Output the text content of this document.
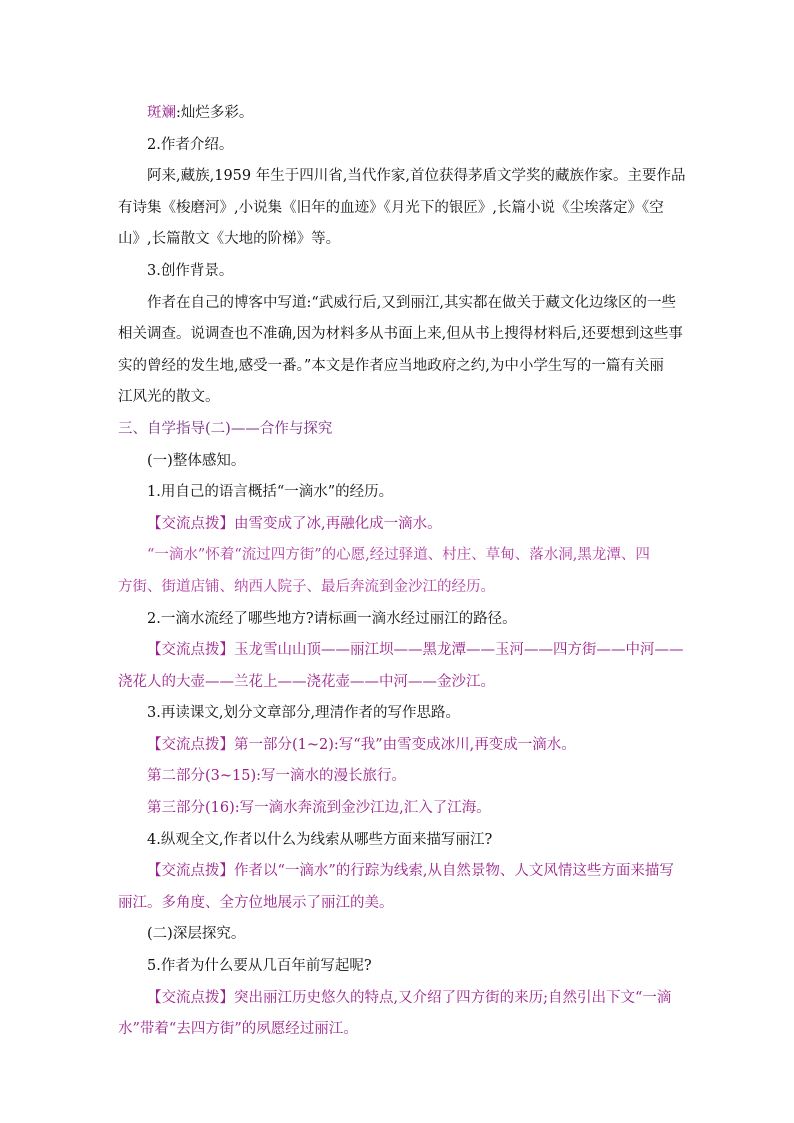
斑斓:灿烂多彩。

2.作者介绍。

阿来,藏族,1959 年生于四川省,当代作家,首位获得茅盾文学奖的藏族作家。主要作品

有诗集《梭磨河》,小说集《旧年的血迹》《月光下的银匠》,长篇小说《尘埃落定》《空

山》,长篇散文《大地的阶梯》等。

3.创作背景。

作者在自己的博客中写道:“武威行后,又到丽江,其实都在做关于藏文化边缘区的一些

相关调查。说调查也不准确,因为材料多从书面上来,但从书上搜得材料后,还要想到这些事

实的曾经的发生地,感受一番。”本文是作者应当地政府之约,为中小学生写的一篇有关丽

江风光的散文。

三、自学指导(二)——合作与探究

(一)整体感知。

1.用自己的语言概括“一滴水”的经历。

【交流点拨】由雪变成了冰,再融化成一滴水。

“一滴水”怀着“流过四方街”的心愿,经过驿道、村庄、草甸、落水洞,黑龙潭、四

方街、街道店铺、纳西人院子、最后奔流到金沙江的经历。

2.一滴水流经了哪些地方?请标画一滴水经过丽江的路径。

【交流点拨】玉龙雪山山顶——丽江坝——黑龙潭——玉河——四方街——中河——

浇花人的大壶——兰花上——浇花壶——中河——金沙江。

3.再读课文,划分文章部分,理清作者的写作思路。

【交流点拨】第一部分(1~2):写“我”由雪变成冰川,再变成一滴水。

第二部分(3~15):写一滴水的漫长旅行。

第三部分(16):写一滴水奔流到金沙江边,汇入了江海。

4.纵观全文,作者以什么为线索从哪些方面来描写丽江?

【交流点拨】作者以“一滴水”的行踪为线索,从自然景物、人文风情这些方面来描写

丽江。多角度、全方位地展示了丽江的美。

(二)深层探究。

5.作者为什么要从几百年前写起呢?

【交流点拨】突出丽江历史悠久的特点,又介绍了四方街的来历;自然引出下文“一滴

水”带着“去四方街”的夙愿经过丽江。
